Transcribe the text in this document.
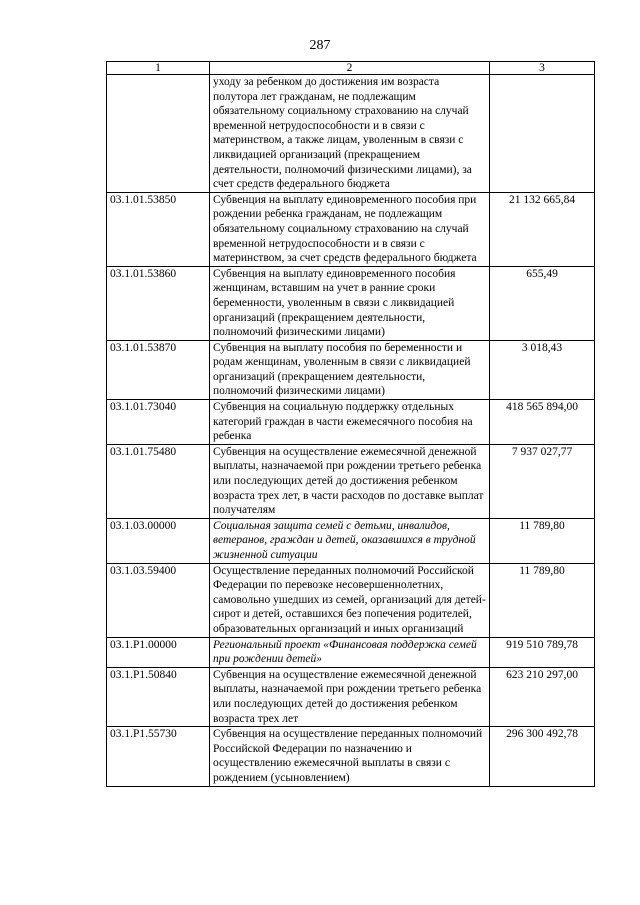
287
1	2	3
	уходу за ребенком до достижения им возраста полутора лет гражданам, не подлежащим обязательному социальному страхованию на случай временной нетрудоспособности и в связи с материнством, а также лицам, уволенным в связи с ликвидацией организаций (прекращением деятельности, полномочий физическими лицами), за счет средств федерального бюджета	
03.1.01.53850	Субвенция на выплату единовременного пособия при рождении ребенка гражданам, не подлежащим обязательному социальному страхованию на случай временной нетрудоспособности и в связи с материнством, за счет средств федерального бюджета	21 132 665,84
03.1.01.53860	Субвенция на выплату единовременного пособия женщинам, вставшим на учет в ранние сроки беременности, уволенным в связи с ликвидацией организаций (прекращением деятельности, полномочий физическими лицами)	655,49
03.1.01.53870	Субвенция на выплату пособия по беременности и родам женщинам, уволенным в связи с ликвидацией организаций (прекращением деятельности, полномочий физическими лицами)	3 018,43
03.1.01.73040	Субвенция на социальную поддержку отдельных категорий граждан в части ежемесячного пособия на ребенка	418 565 894,00
03.1.01.75480	Субвенция на осуществление ежемесячной денежной выплаты, назначаемой при рождении третьего ребенка или последующих детей до достижения ребенком возраста трех лет, в части расходов по доставке выплат получателям	7 937 027,77
03.1.03.00000	Социальная защита семей с детьми, инвалидов, ветеранов, граждан и детей, оказавшихся в трудной жизненной ситуации	11 789,80
03.1.03.59400	Осуществление переданных полномочий Российской Федерации по перевозке несовершеннолетних, самовольно ушедших из семей, организаций для детей-сирот и детей, оставшихся без попечения родителей, образовательных организаций и иных организаций	11 789,80
03.1.P1.00000	Региональный проект «Финансовая поддержка семей при рождении детей»	919 510 789,78
03.1.P1.50840	Субвенция на осуществление ежемесячной денежной выплаты, назначаемой при рождении третьего ребенка или последующих детей до достижения ребенком возраста трех лет	623 210 297,00
03.1.P1.55730	Субвенция на осуществление переданных полномочий Российской Федерации по назначению и осуществлению ежемесячной выплаты в связи с рождением (усыновлением)	296 300 492,78
